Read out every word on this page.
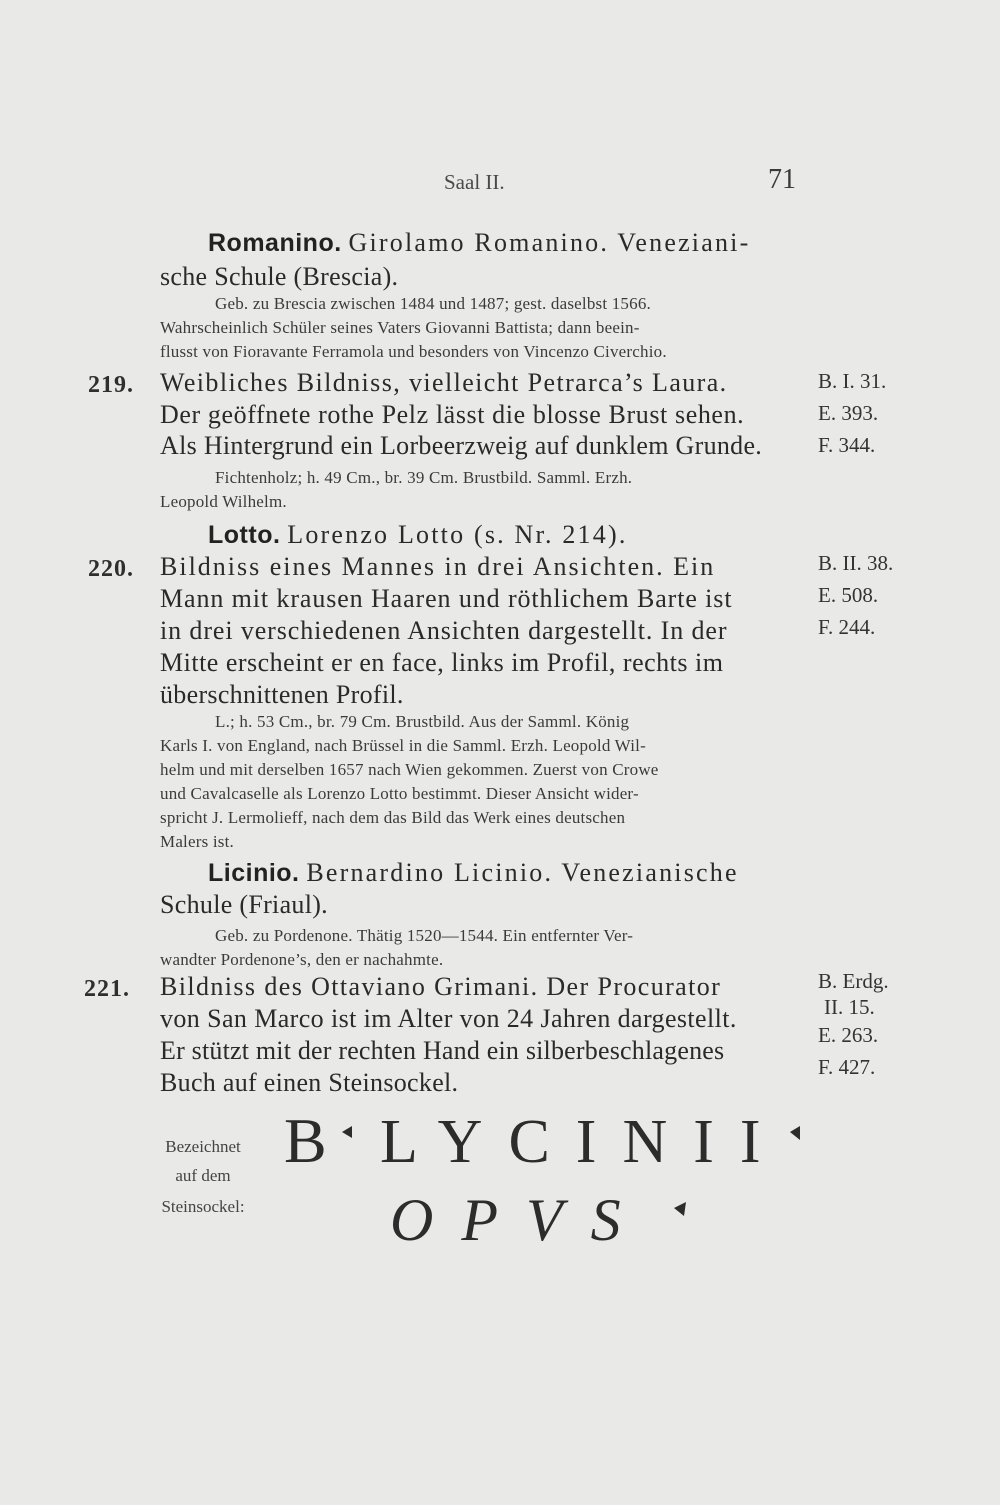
Saal II.	71
Romanino. Girolamo Romanino. Veneziani-
sche Schule (Brescia).
Geb. zu Brescia zwischen 1484 und 1487; gest. daselbst 1566.
Wahrscheinlich Schüler seines Vaters Giovanni Battista; dann beein-
flusst von Fioravante Ferramola und besonders von Vincenzo Civerchio.
219. Weibliches Bildniss, vielleicht Petrarca’s Laura.
Der geöffnete rothe Pelz lässt die blosse Brust sehen.
Als Hintergrund ein Lorbeerzweig auf dunklem Grunde.
B. I. 31.
E. 393.
F. 344.
Fichtenholz; h. 49 Cm., br. 39 Cm. Brustbild. Samml. Erzh.
Leopold Wilhelm.
Lotto. Lorenzo Lotto (s. Nr. 214).
220. Bildniss eines Mannes in drei Ansichten. Ein
Mann mit krausen Haaren und röthlichem Barte ist
in drei verschiedenen Ansichten dargestellt. In der
Mitte erscheint er en face, links im Profil, rechts im
überschnittenen Profil.
B. II. 38.
E. 508.
F. 244.
L.; h. 53 Cm., br. 79 Cm. Brustbild. Aus der Samml. König
Karls I. von England, nach Brüssel in die Samml. Erzh. Leopold Wil-
helm und mit derselben 1657 nach Wien gekommen. Zuerst von Crowe
und Cavalcaselle als Lorenzo Lotto bestimmt. Dieser Ansicht wider-
spricht J. Lermolieff, nach dem das Bild das Werk eines deutschen
Malers ist.
Licinio. Bernardino Licinio. Venezianische
Schule (Friaul).
Geb. zu Pordenone. Thätig 1520—1544. Ein entfernter Ver-
wandter Pordenone’s, den er nachahmte.
221. Bildniss des Ottaviano Grimani. Der Procurator
von San Marco ist im Alter von 24 Jahren dargestellt.
Er stützt mit der rechten Hand ein silberbeschlagenes
Buch auf einen Steinsockel.
B. Erdg.
II. 15.
E. 263.
F. 427.
Bezeichnet
auf dem
Steinsockel:
B LYCINII
OPVS
